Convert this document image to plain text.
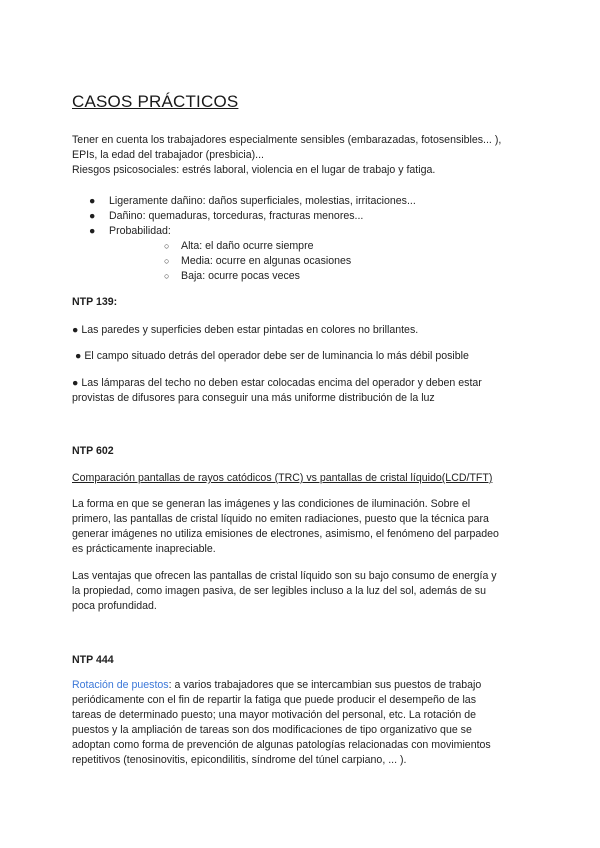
CASOS PRÁCTICOS

Tener en cuenta los trabajadores especialmente sensibles (embarazadas, fotosensibles... ),
EPIs, la edad del trabajador (presbicia)...
Riesgos psicosociales: estrés laboral, violencia en el lugar de trabajo y fatiga.

● Ligeramente dañino: daños superficiales, molestias, irritaciones...
● Dañino: quemaduras, torceduras, fracturas menores...
● Probabilidad:
○ Alta: el daño ocurre siempre
○ Media: ocurre en algunas ocasiones
○ Baja: ocurre pocas veces

NTP 139:

● Las paredes y superficies deben estar pintadas en colores no brillantes.

● El campo situado detrás del operador debe ser de luminancia lo más débil posible

● Las lámparas del techo no deben estar colocadas encima del operador y deben estar
provistas de difusores para conseguir una más uniforme distribución de la luz

NTP 602

Comparación pantallas de rayos catódicos (TRC) vs pantallas de cristal líquido(LCD/TFT)

La forma en que se generan las imágenes y las condiciones de iluminación. Sobre el
primero, las pantallas de cristal líquido no emiten radiaciones, puesto que la técnica para
generar imágenes no utiliza emisiones de electrones, asimismo, el fenómeno del parpadeo
es prácticamente inapreciable.

Las ventajas que ofrecen las pantallas de cristal líquido son su bajo consumo de energía y
la propiedad, como imagen pasiva, de ser legibles incluso a la luz del sol, además de su
poca profundidad.

NTP 444

Rotación de puestos: a varios trabajadores que se intercambian sus puestos de trabajo
periódicamente con el fin de repartir la fatiga que puede producir el desempeño de las
tareas de determinado puesto; una mayor motivación del personal, etc. La rotación de
puestos y la ampliación de tareas son dos modificaciones de tipo organizativo que se
adoptan como forma de prevención de algunas patologías relacionadas con movimientos
repetitivos (tenosinovitis, epicondilitis, síndrome del túnel carpiano, ... ).
